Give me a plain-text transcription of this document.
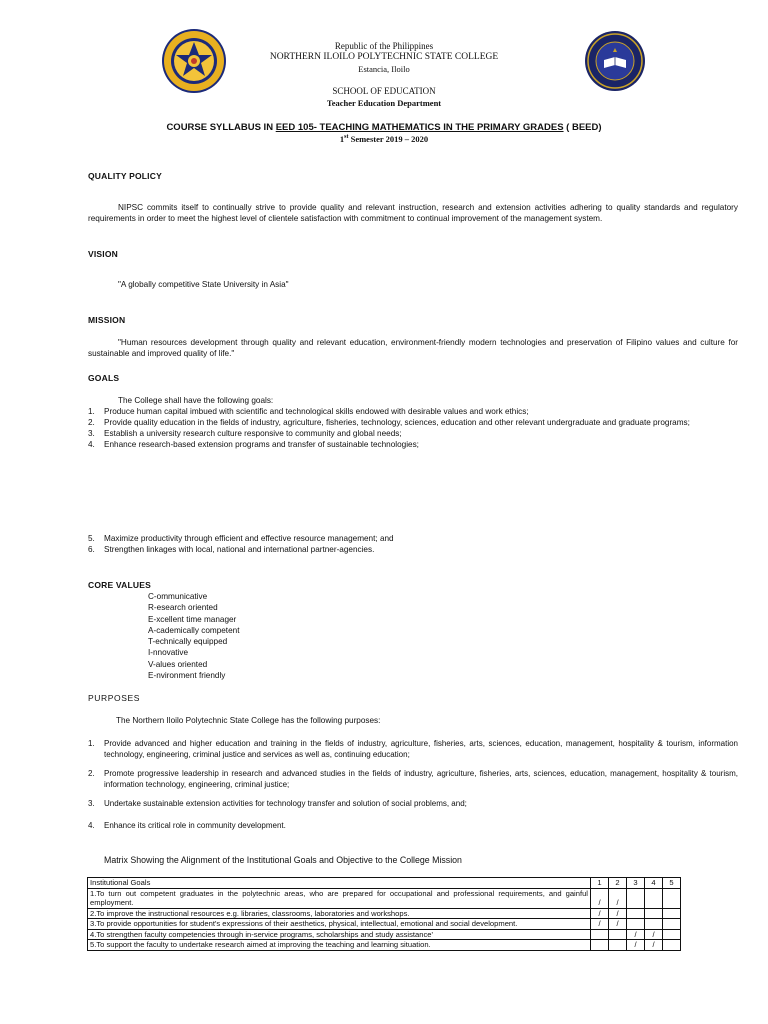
Republic of the Philippines
NORTHERN ILOILO POLYTECHNIC STATE COLLEGE
Estancia, Iloilo
SCHOOL OF EDUCATION
Teacher Education Department
COURSE SYLLABUS IN EED 105- TEACHING MATHEMATICS IN THE PRIMARY GRADES ( BEED)
1st Semester 2019 – 2020
QUALITY POLICY
NIPSC commits itself to continually strive to provide quality and relevant instruction, research and extension activities adhering to quality standards and regulatory requirements in order to meet the highest level of clientele satisfaction with commitment to continual improvement of the management system.
VISION
"A globally competitive State University in Asia"
MISSION
"Human resources development through quality and relevant education, environment-friendly modern technologies and preservation of Filipino values and culture for sustainable and improved quality of life."
GOALS
The College shall have the following goals:
1. Produce human capital imbued with scientific and technological skills endowed with desirable values and work ethics;
2. Provide quality education in the fields of industry, agriculture, fisheries, technology, sciences, education and other relevant undergraduate and graduate programs;
3. Establish a university research culture responsive to community and global needs;
4. Enhance research-based extension programs and transfer of sustainable technologies;
5. Maximize productivity through efficient and effective resource management; and
6. Strengthen linkages with local, national and international partner-agencies.
CORE VALUES
C-ommunicative
R-esearch oriented
E-xcellent time manager
A-cademically competent
T-echnically equipped
I-nnovative
V-alues oriented
E-nvironment friendly
PURPOSES
The Northern Iloilo Polytechnic State College has the following purposes:
1.	Provide advanced and higher education and training in the fields of industry, agriculture, fisheries, arts, sciences, education, management, hospitality & tourism, information technology, engineering, criminal justice and services as well as, continuing education;
2.	Promote progressive leadership in research and advanced studies in the fields of industry, agriculture, fisheries, arts, sciences, education, management, hospitality & tourism, information technology, engineering, criminal justice;
3.	Undertake sustainable extension activities for technology transfer and solution of social problems, and;
4.	Enhance its critical role in community development.
Matrix Showing the Alignment of the Institutional Goals and Objective to the College Mission
Institutional Goals	1	2	3	4	5
1.To turn out competent graduates in the polytechnic areas, who are prepared for occupational and professional requirements, and gainful employment.	/	/			
2.To improve the instructional resources e.g. libraries, classrooms, laboratories and workshops.	/	/			
3.To provide opportunities for student's expressions of their aesthetics, physical, intellectual, emotional and social development.	/	/			
4.To strengthen faculty competencies through in-service programs, scholarships and study assistance'			/	/	
5.To support the faculty to undertake research aimed at improving the teaching and learning situation.			/	/	
